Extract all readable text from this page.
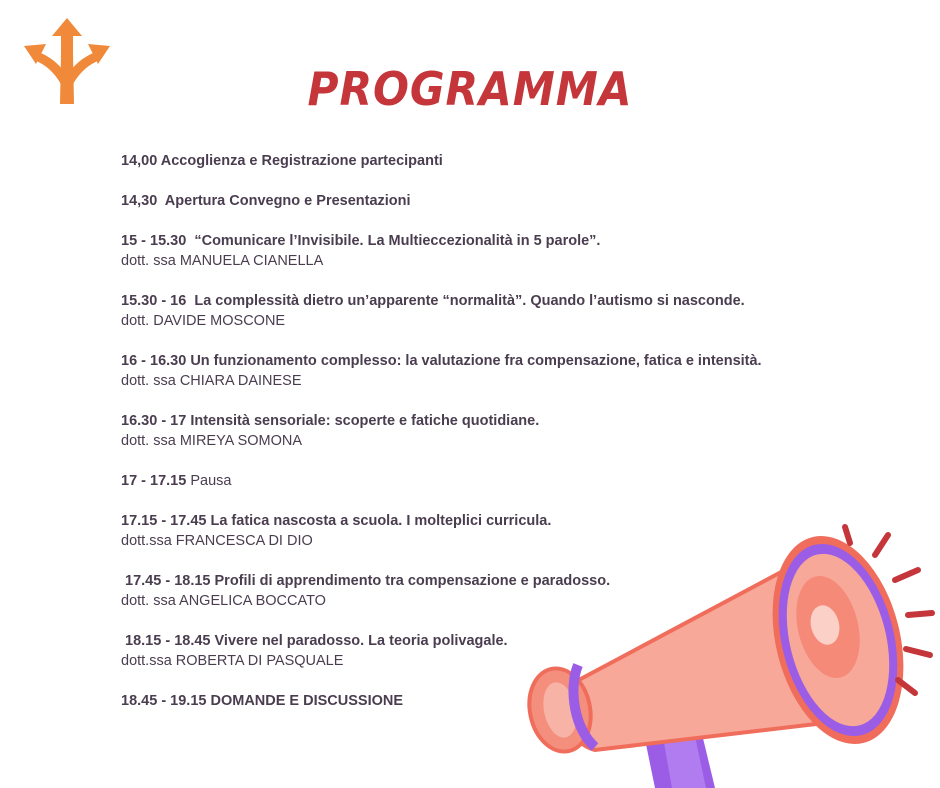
PROGRAMMA
14,00 Accoglienza e Registrazione partecipanti
14,30  Apertura Convegno e Presentazioni
15 - 15.30  “Comunicare l’Invisibile. La Multieccezionalità in 5 parole”.
dott. ssa MANUELA CIANELLA
15.30 - 16  La complessità dietro un’apparente “normalità”. Quando l’autismo si nasconde.
dott. DAVIDE MOSCONE
16 - 16.30 Un funzionamento complesso: la valutazione fra compensazione, fatica e intensità.
dott. ssa CHIARA DAINESE
16.30 - 17 Intensità sensoriale: scoperte e fatiche quotidiane.
dott. ssa MIREYA SOMONA
17 - 17.15 Pausa
17.15 - 17.45 La fatica nascosta a scuola. I molteplici curricula.
dott.ssa FRANCESCA DI DIO
17.45 - 18.15 Profili di apprendimento tra compensazione e paradosso.
dott. ssa ANGELICA BOCCATO
18.15 - 18.45 Vivere nel paradosso. La teoria polivagale.
dott.ssa ROBERTA DI PASQUALE
18.45 - 19.15 DOMANDE E DISCUSSIONE
